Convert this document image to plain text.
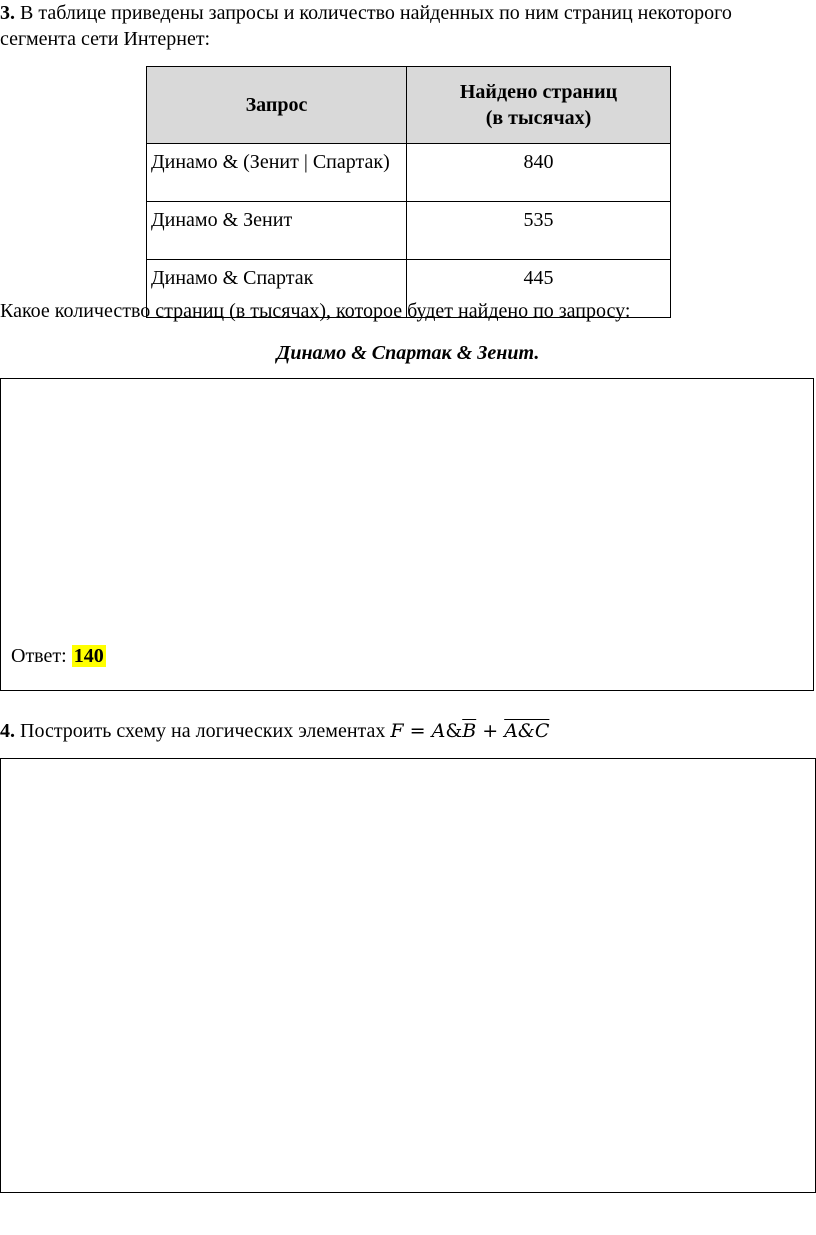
3. В таблице приведены запросы и количество найденных по ним страниц некоторого
сегмента сети Интернет:
Запрос	Найдено страниц
(в тысячах)
Динамо & (Зенит | Спартак)	840
Динамо & Зенит	535
Динамо & Спартак	445
Какое количество страниц (в тысячах), которое будет найдено по запросу:
Динамо & Спартак & Зенит.
Ответ: 140
4. Построить схему на логических элементах $F = A\&\overline{B}$ + A&C
